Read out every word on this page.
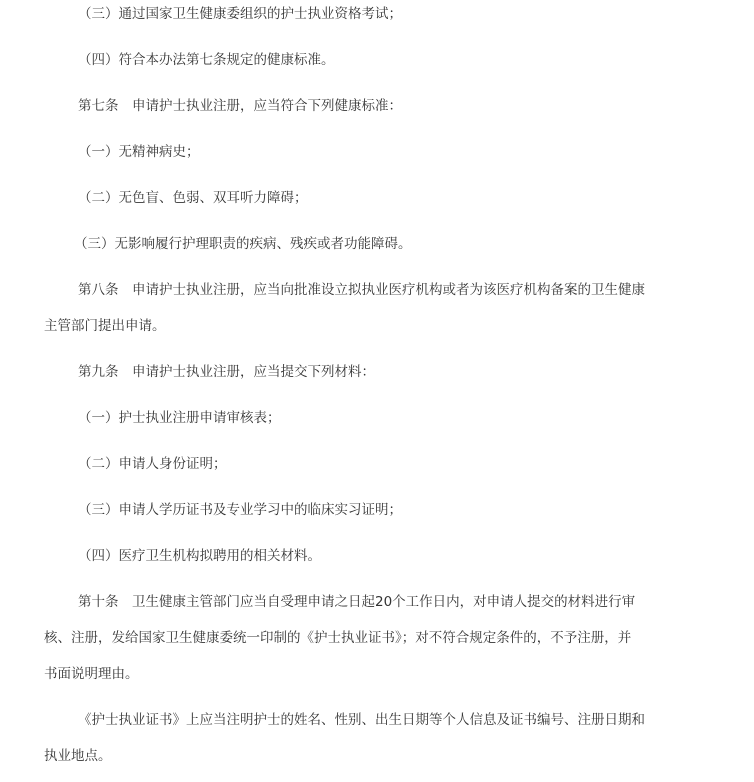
（三）通过国家卫生健康委组织的护士执业资格考试；
（四）符合本办法第七条规定的健康标准。
第七条　申请护士执业注册，应当符合下列健康标准：
（一）无精神病史；
（二）无色盲、色弱、双耳听力障碍；
（三）无影响履行护理职责的疾病、残疾或者功能障碍。
第八条　申请护士执业注册，应当向批准设立拟执业医疗机构或者为该医疗机构备案的卫生健康
主管部门提出申请。
第九条　申请护士执业注册，应当提交下列材料：
（一）护士执业注册申请审核表；
（二）申请人身份证明；
（三）申请人学历证书及专业学习中的临床实习证明；
（四）医疗卫生机构拟聘用的相关材料。
第十条　卫生健康主管部门应当自受理申请之日起20个工作日内，对申请人提交的材料进行审
核、注册，发给国家卫生健康委统一印制的《护士执业证书》；对不符合规定条件的，不予注册，并
书面说明理由。
《护士执业证书》上应当注明护士的姓名、性别、出生日期等个人信息及证书编号、注册日期和
执业地点。
